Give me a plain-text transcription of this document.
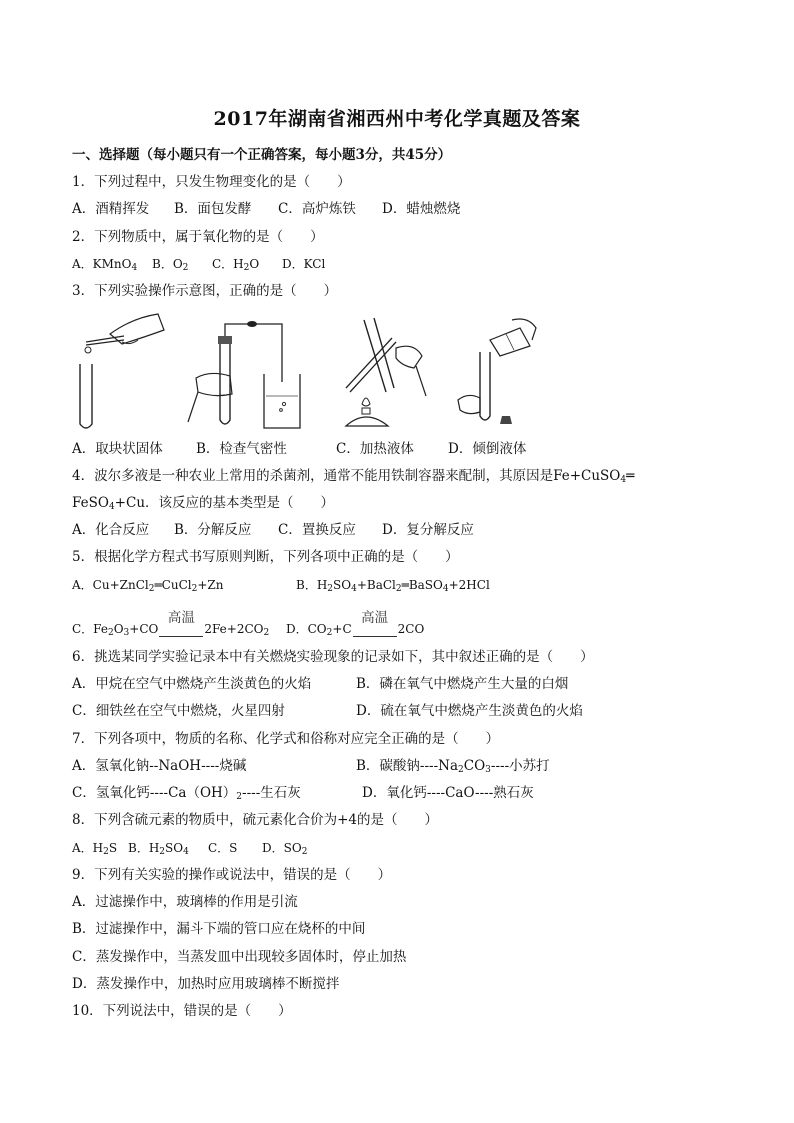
2017年湖南省湘西州中考化学真题及答案
一、选择题（每小题只有一个正确答案，每小题3分，共45分）
1．下列过程中，只发生物理变化的是（　　）
A．酒精挥发 B．面包发酵 C．高炉炼铁 D．蜡烛燃烧
2．下列物质中，属于氧化物的是（　　）
A．KMnO$_4$ B．$O_2$ C．$H_2O$ D．KCl
3．下列实验操作示意图，正确的是（　　）
A．取块状固体 B．检查气密性	C．加热液体	D．倾倒液体
4．波尔多液是一种农业上常用的杀菌剂，通常不能用铁制容器来配制，其原因是Fe+CuSO$_4$═
FeSO$_4$+Cu．该反应的基本类型是（　　）
A．化合反应 B．分解反应 C．置换反应 D．复分解反应
5．根据化学方程式书写原则判断，下列各项中正确的是（　　）
A．Cu+ZnCl$_2$═CuCl$_2$+Zn	B．$H_2SO_4+BaCl_2═BaSO_4+2HCl$
C．$Fe_2O_3+CO$
高温
$2Fe+2CO_2$ D．$CO_2+C$
高温
2CO
6．挑选某同学实验记录本中有关燃烧实验现象的记录如下，其中叙述正确的是（　　）
A．甲烷在空气中燃烧产生淡黄色的火焰	B．磷在氧气中燃烧产生大量的白烟
C．细铁丝在空气中燃烧，火星四射	D．硫在氧气中燃烧产生淡黄色的火焰
7．下列各项中，物质的名称、化学式和俗称对应完全正确的是（　　）
A．氢氧化钠--NaOH----烧碱	B．碳酸钠$----Na_2CO_3----$小苏打
C．氢氧化钙$----Ca(OH)_2----$生石灰	D．氧化钙----CaO----熟石灰
8．下列含硫元素的物质中，硫元素化合价为+4的是（　　）
A．$H_2S$ B．$H_2SO_4$ C．S D．$SO_2$
9．下列有关实验的操作或说法中，错误的是（　　）
A．过滤操作中，玻璃棒的作用是引流
B．过滤操作中，漏斗下端的管口应在烧杯的中间
C．蒸发操作中，当蒸发皿中出现较多固体时，停止加热
D．蒸发操作中，加热时应用玻璃棒不断搅拌
10．下列说法中，错误的是（　　）
